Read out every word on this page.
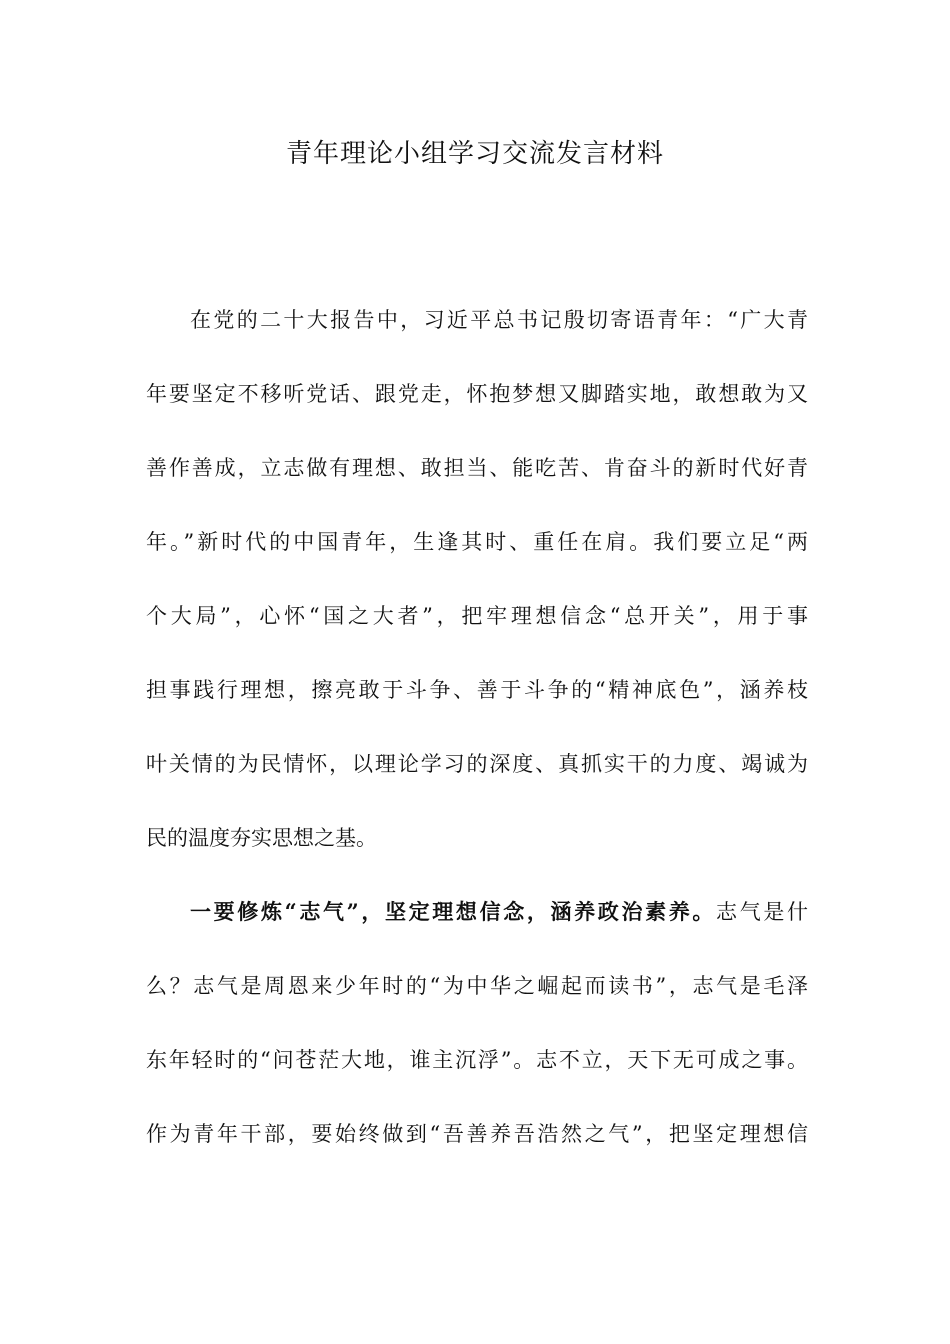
青年理论小组学习交流发言材料

在党的二十大报告中，习近平总书记殷切寄语青年：“广大青
年要坚定不移听党话、跟党走，怀抱梦想又脚踏实地，敢想敢为又
善作善成，立志做有理想、敢担当、能吃苦、肯奋斗的新时代好青
年。”新时代的中国青年，生逢其时、重任在肩。我们要立足“两
个大局”，心怀“国之大者”，把牢理想信念“总开关”，用于事
担事践行理想，擦亮敢于斗争、善于斗争的“精神底色”，涵养枝
叶关情的为民情怀，以理论学习的深度、真抓实干的力度、竭诚为
民的温度夯实思想之基。

一要修炼“志气”，坚定理想信念，涵养政治素养。志气是什
么？志气是周恩来少年时的“为中华之崛起而读书”，志气是毛泽
东年轻时的“问苍茫大地，谁主沉浮”。志不立，天下无可成之事。
作为青年干部，要始终做到“吾善养吾浩然之气”，把坚定理想信
